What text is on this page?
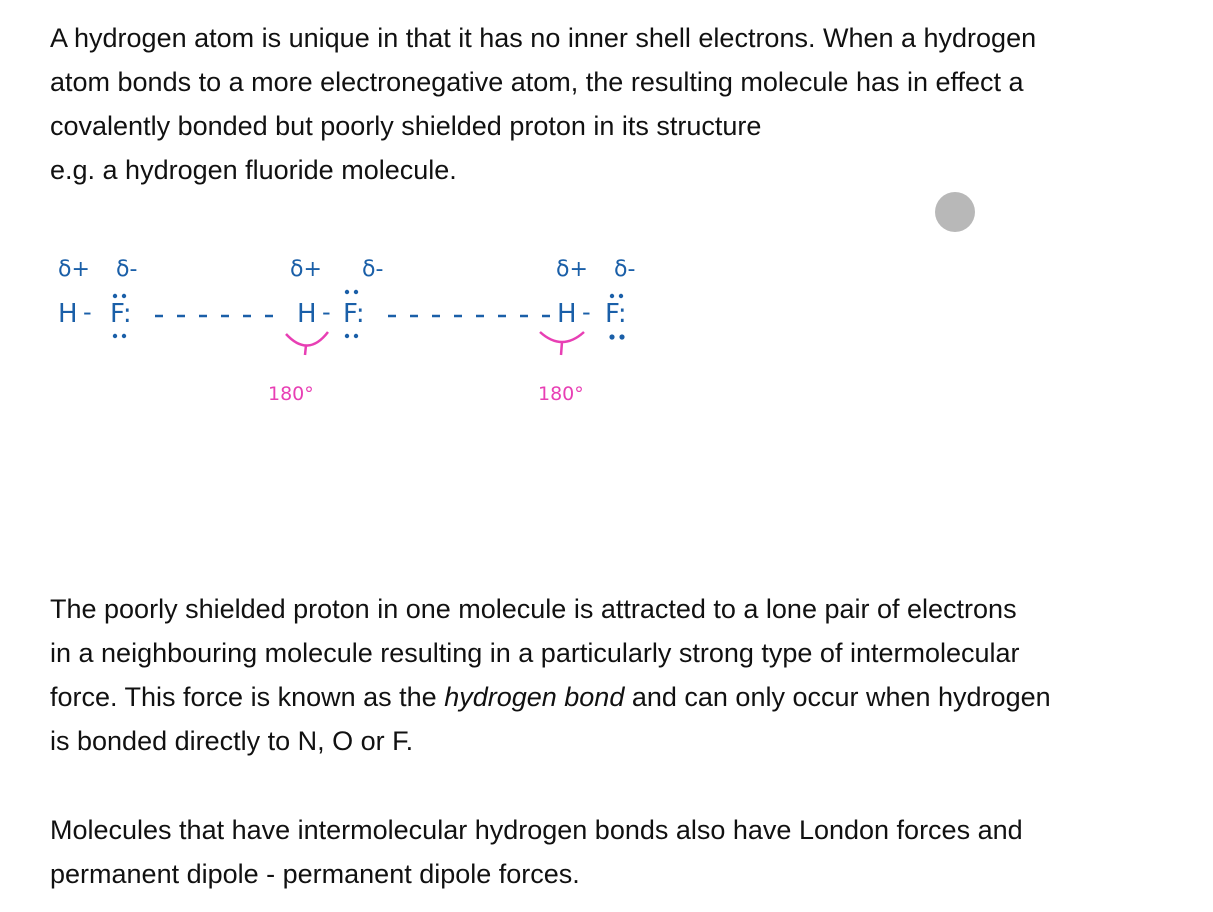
A hydrogen atom is unique in that it has no inner shell electrons. When a hydrogen
atom bonds to a more electronegative atom, the resulting molecule has in effect a
covalently bonded but poorly shielded proton in its structure
e.g. a hydrogen fluoride molecule.

δ+ δ-
H - F:
δ+ δ-
H - F:
180°
δ+ δ-
H - F:
180°

The poorly shielded proton in one molecule is attracted to a lone pair of electrons
in a neighbouring molecule resulting in a particularly strong type of intermolecular
force. This force is known as the hydrogen bond and can only occur when hydrogen
is bonded directly to N, O or F.

Molecules that have intermolecular hydrogen bonds also have London forces and
permanent dipole - permanent dipole forces.
